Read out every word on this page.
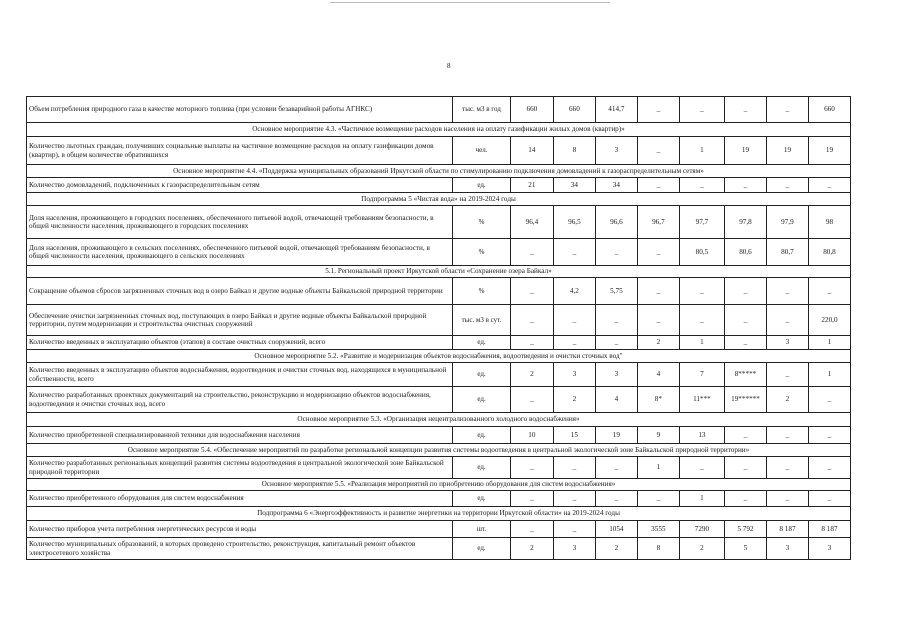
8
Объем потребления природного газа в качестве моторного топлива (при условии безаварийной работы АГНКС)	тыс. м3 в год	660	660	414,7	_	_	_	_	660
Основное мероприятие 4.3. «Частичное возмещение расходов населения на оплату газификации жилых домов (квартир)»									
Количество льготных граждан, получивших социальные выплаты на частичное возмещение расходов на оплату газификации домов (квартир), в общем количестве обратившихся	чел.	14	8	3	_	1	19	19	19
Основное мероприятие 4.4. «Поддержка муниципальных образований Иркутской области по стимулированию подключения домовладений к газораспределительным сетям»									
Количество домовладений, подключенных к газораспределительным сетям	ед.	21	34	34	_	_	_	_	_
Подпрограмма 5 «Чистая вода» на 2019-2024 годы									
Доля населения, проживающего в городских поселениях, обеспеченного питьевой водой, отвечающей требованиям безопасности, в общей численности населения, проживающего в городских поселениях	%	96,4	96,5	96,6	96,7	97,7	97,8	97,9	98
Доля населения, проживающего в сельских поселениях, обеспеченного питьевой водой, отвечающей требованиям безопасности, в общей численности населения, проживающего в сельских поселениях	%	_	_	_	_	80,5	80,6	80,7	80,8
5.1. Региональный проект Иркутской области «Сохранение озера Байкал»									
Сокращение объемов сбросов загрязненных сточных вод в озеро Байкал и другие водные объекты Байкальской природной территории	%	_	4,2	5,75	_	_	_	_	_
Обеспечение очистки загрязненных сточных вод, поступающих в озеро Байкал и другие водные объекты Байкальской природной территории, путем модернизации и строительства очистных сооружений	тыс. м3 в сут.	_	_	_	_	_	_	_	220,0
Количество введенных в эксплуатацию объектов (этапов) в составе очистных сооружений, всего	ед.	_	_	_	2	1	_	3	1
Основное мероприятие 5.2. «Развитие и модернизация объектов водоснабжения, водоотведения и очистки сточных вод"									
Количество введенных в эксплуатацию объектов водоснабжения, водоотведения и очистки сточных вод, находящихся в муниципальной собственности, всего	ед.	2	3	3	4	7	8*****	_	1
Количество разработанных проектных документаций на строительство, реконструкцию и модернизацию объектов водоснабжения, водоотведения и очистки сточных вод, всего	ед.	_	2	4	8*	11***	19******	2	_
Основное мероприятие 5.3. «Организация нецентрализованного холодного водоснабжения»									
Количество приобретенной специализированной техники для водоснабжения населения	ед.	10	15	19	9	13	_	_	_
Основное мероприятие 5.4. «Обеспечение мероприятий по разработке региональной концепции развития системы водоотведения в центральной экологической зоне Байкальской природной территории»									
Количество разработанных региональных концепций развития системы водоотведения в центральной экологической зоне Байкальской природной территории	ед.	_	_	_	1	_	_	_	_
Основное мероприятие 5.5. «Реализация мероприятий по приобретению оборудования для систем водоснабжения»									
Количество приобретенного оборудования для систем водоснабжения	ед.	_	_	_	_	1	_	_	_
Подпрограмма 6 «Энергоэффективность и развитие энергетики на территории Иркутской области» на 2019-2024 годы									
Количество приборов учета потребления энергетических ресурсов и воды	шт.	_	_	1054	3555	7290	5 792	8 187	8 187
Количество муниципальных образований, в которых проведено строительство, реконструкция, капитальный ремонт объектов электросетевого хозяйства	ед.	2	3	2	8	2	5	3	3
